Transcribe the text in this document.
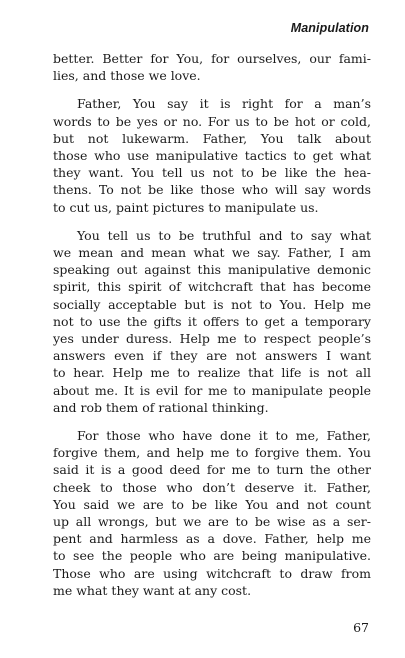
Manipulation

better. Better for You, for ourselves, our fami-
lies, and those we love.

Father, You say it is right for a man’s
words to be yes or no. For us to be hot or cold,
but not lukewarm. Father, You talk about
those who use manipulative tactics to get what
they want. You tell us not to be like the hea-
thens. To not be like those who will say words
to cut us, paint pictures to manipulate us.

You tell us to be truthful and to say what
we mean and mean what we say. Father, I am
speaking out against this manipulative demonic
spirit, this spirit of witchcraft that has become
socially acceptable but is not to You. Help me
not to use the gifts it offers to get a temporary
yes under duress. Help me to respect people’s
answers even if they are not answers I want
to hear. Help me to realize that life is not all
about me. It is evil for me to manipulate people
and rob them of rational thinking.

For those who have done it to me, Father,
forgive them, and help me to forgive them. You
said it is a good deed for me to turn the other
cheek to those who don’t deserve it. Father,
You said we are to be like You and not count
up all wrongs, but we are to be wise as a ser-
pent and harmless as a dove. Father, help me
to see the people who are being manipulative.
Those who are using witchcraft to draw from
me what they want at any cost.

67
